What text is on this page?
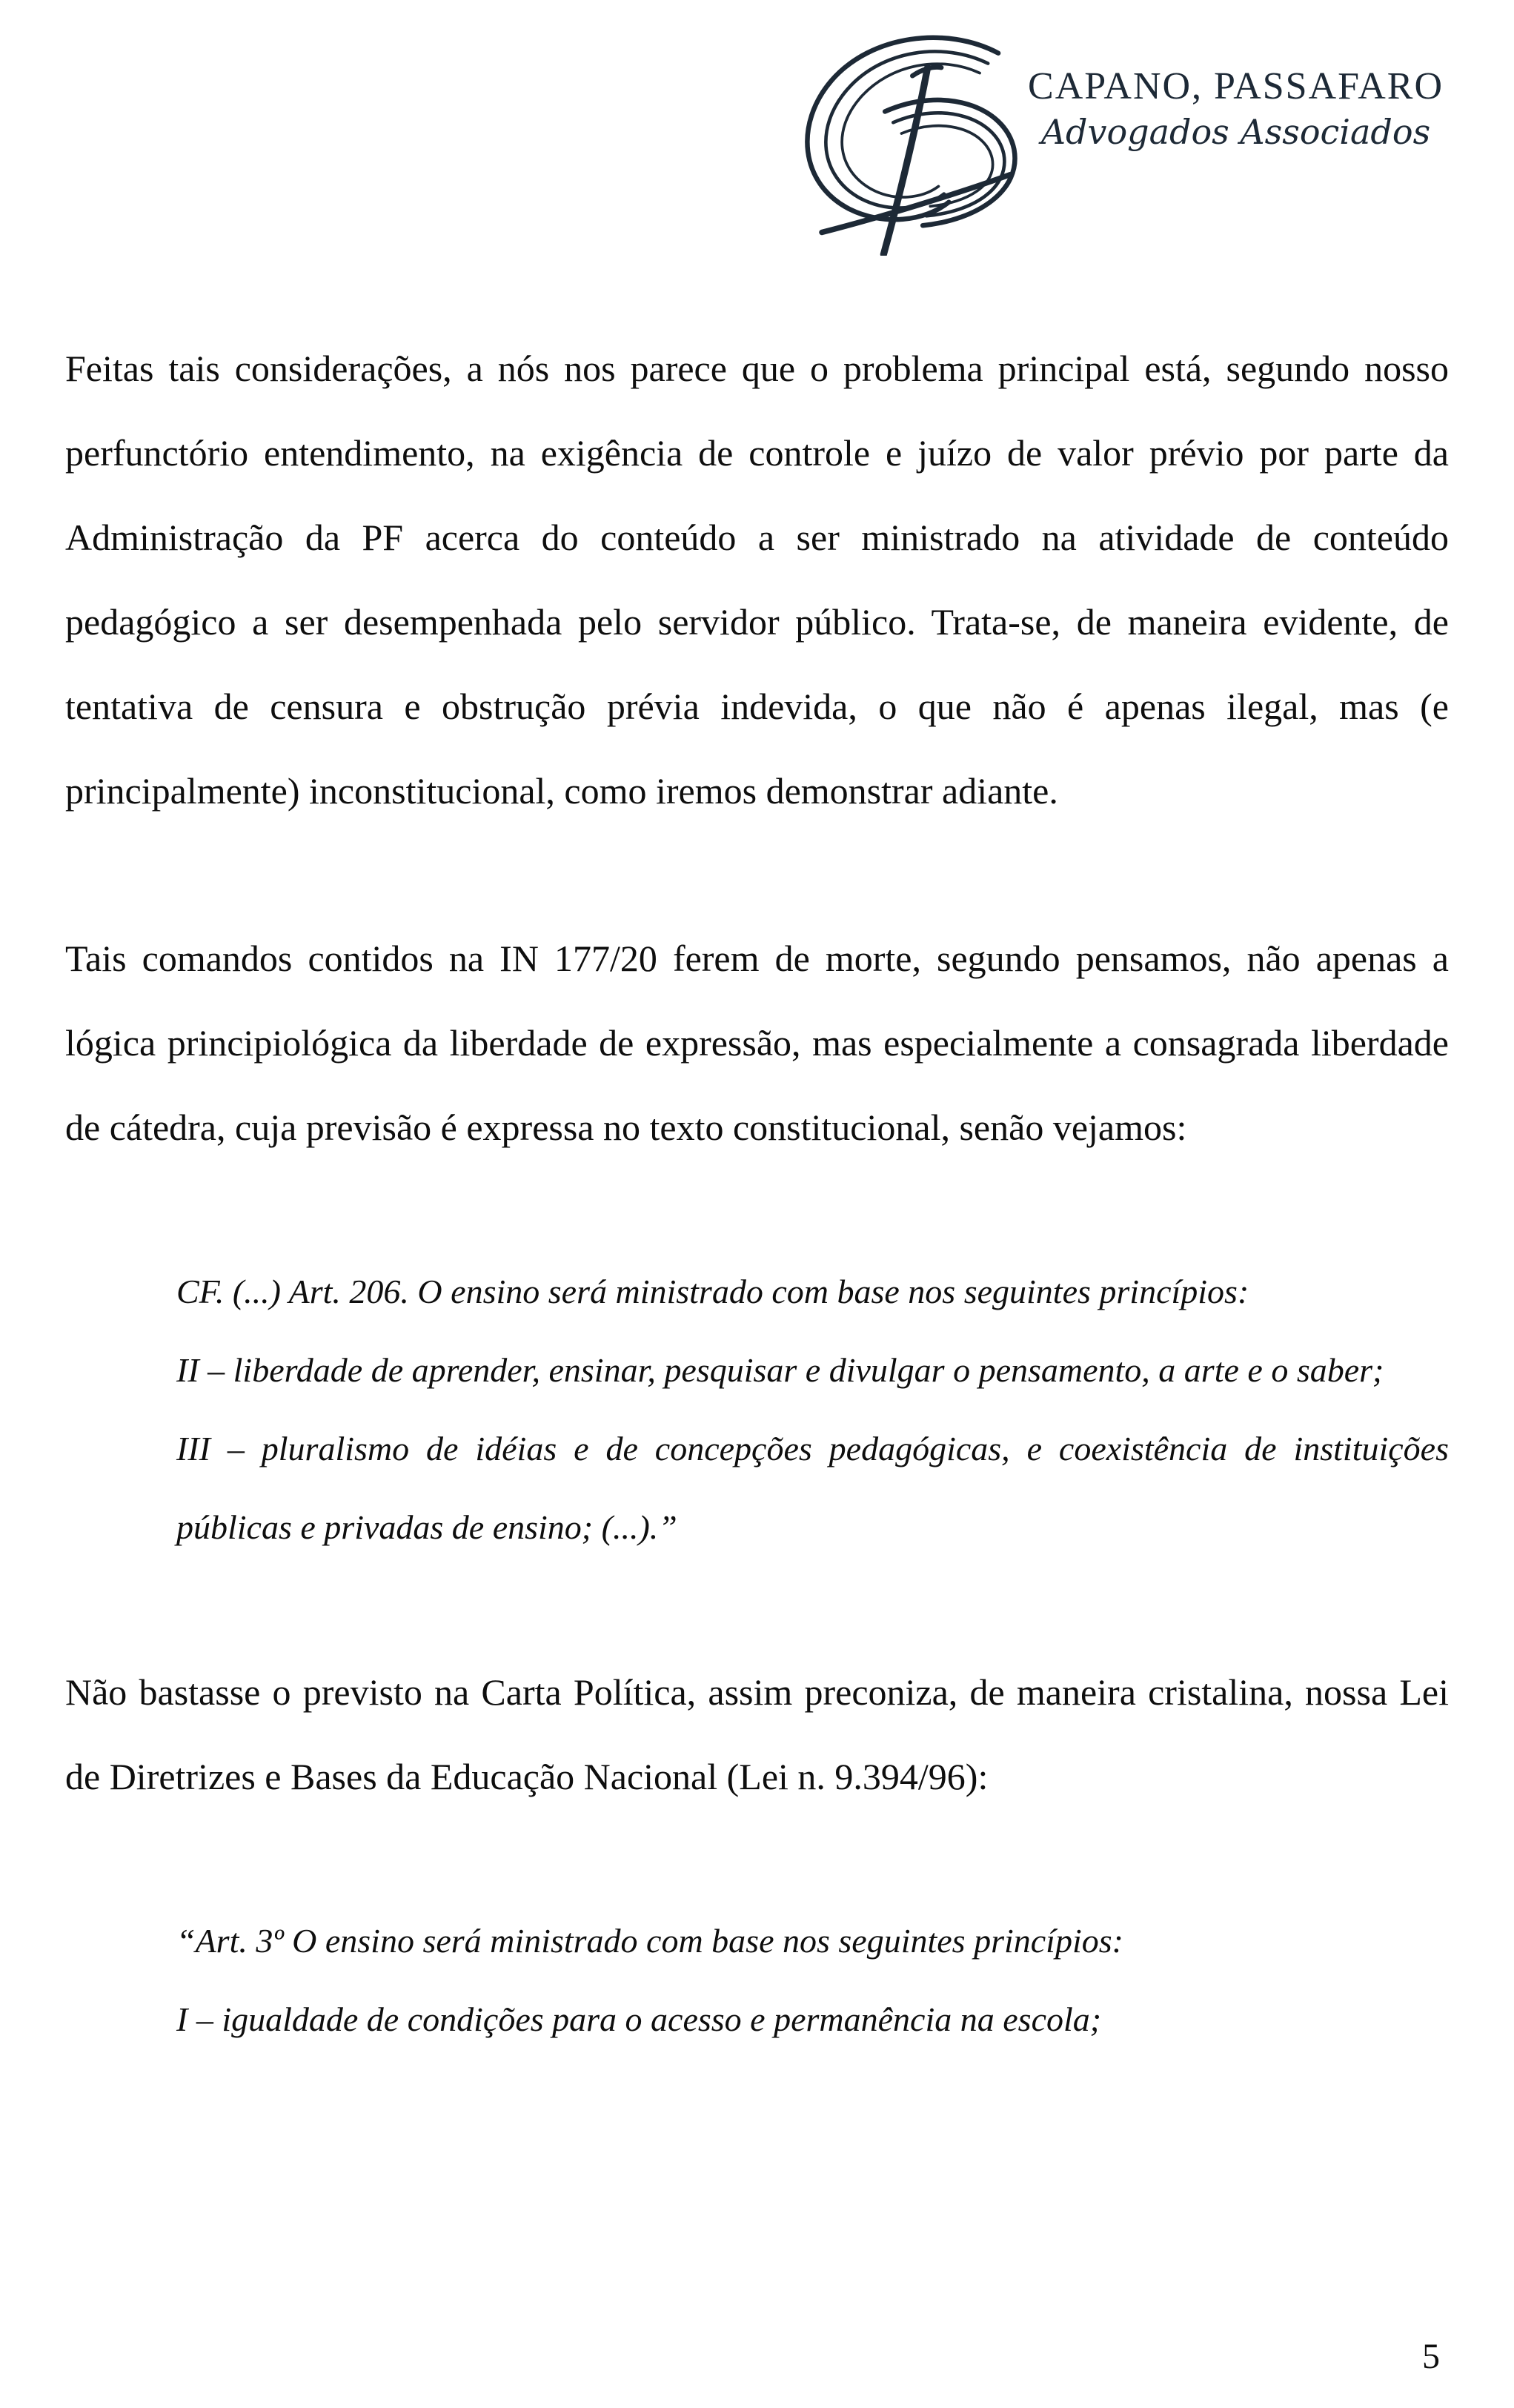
CAPANO, PASSAFARO
Advogados Associados

Feitas tais considerações, a nós nos parece que o problema principal está, segundo nosso perfunctório entendimento, na exigência de controle e juízo de valor prévio por parte da Administração da PF acerca do conteúdo a ser ministrado na atividade de conteúdo pedagógico a ser desempenhada pelo servidor público. Trata-se, de maneira evidente, de tentativa de censura e obstrução prévia indevida, o que não é apenas ilegal, mas (e principalmente) inconstitucional, como iremos demonstrar adiante.

Tais comandos contidos na IN 177/20 ferem de morte, segundo pensamos, não apenas a lógica principiológica da liberdade de expressão, mas especialmente a consagrada liberdade de cátedra, cuja previsão é expressa no texto constitucional, senão vejamos:

CF. (...) Art. 206. O ensino será ministrado com base nos seguintes princípios:

II – liberdade de aprender, ensinar, pesquisar e divulgar o pensamento, a arte e o saber;

III – pluralismo de idéias e de concepções pedagógicas, e coexistência de instituições públicas e privadas de ensino; (...).”

Não bastasse o previsto na Carta Política, assim preconiza, de maneira cristalina, nossa Lei de Diretrizes e Bases da Educação Nacional (Lei n. 9.394/96):

“Art. 3º O ensino será ministrado com base nos seguintes princípios:

I – igualdade de condições para o acesso e permanência na escola;

5
